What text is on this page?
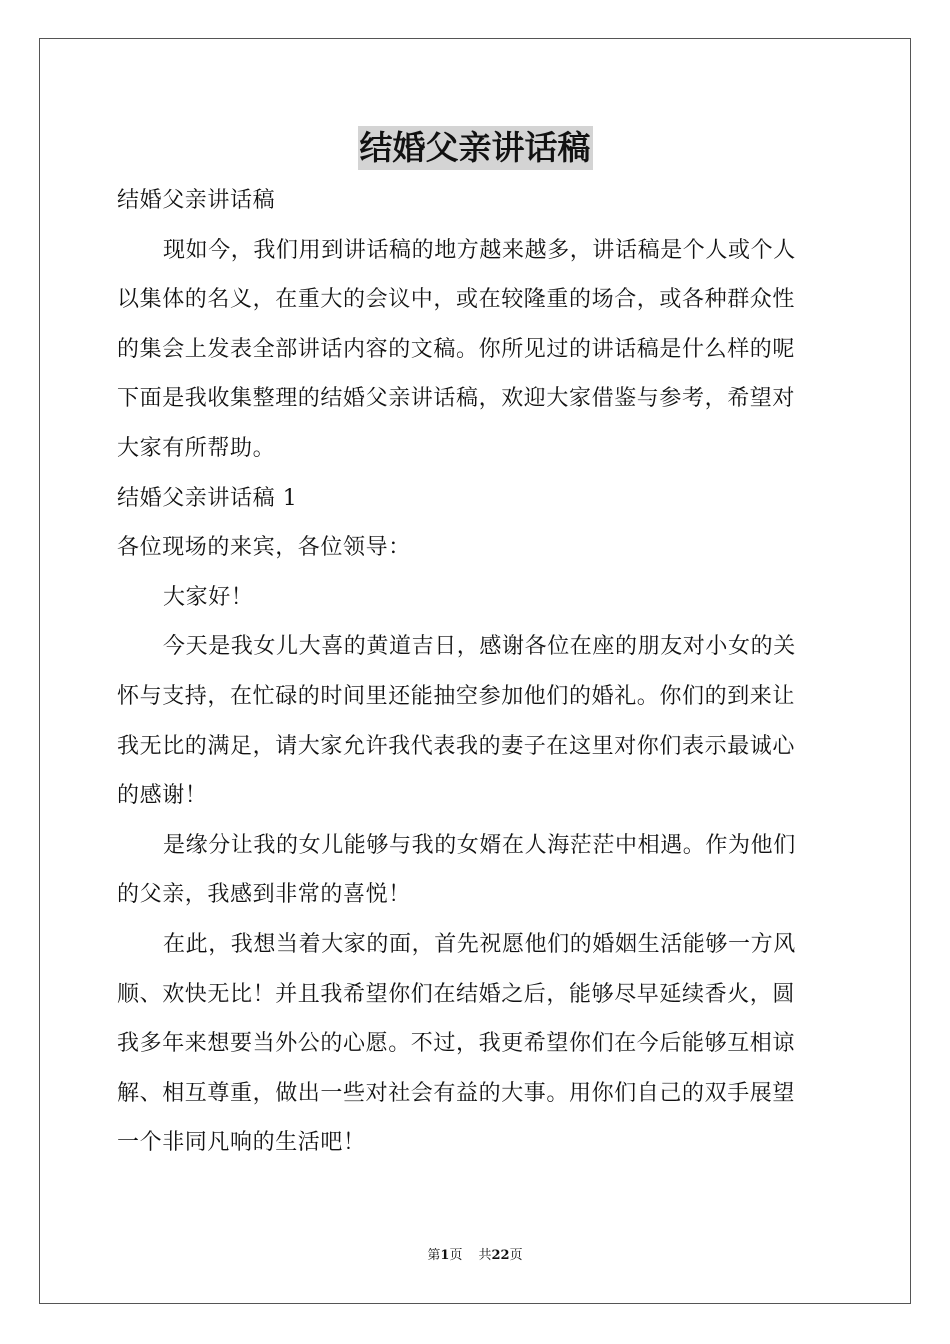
结婚父亲讲话稿
结婚父亲讲话稿
现如今，我们用到讲话稿的地方越来越多，讲话稿是个人或个人
以集体的名义，在重大的会议中，或在较隆重的场合，或各种群众性
的集会上发表全部讲话内容的文稿。你所见过的讲话稿是什么样的呢
下面是我收集整理的结婚父亲讲话稿，欢迎大家借鉴与参考，希望对
大家有所帮助。
结婚父亲讲话稿 1
各位现场的来宾，各位领导：
大家好！
今天是我女儿大喜的黄道吉日，感谢各位在座的朋友对小女的关
怀与支持，在忙碌的时间里还能抽空参加他们的婚礼。你们的到来让
我无比的满足，请大家允许我代表我的妻子在这里对你们表示最诚心
的感谢！
是缘分让我的女儿能够与我的女婿在人海茫茫中相遇。作为他们
的父亲，我感到非常的喜悦！
在此，我想当着大家的面，首先祝愿他们的婚姻生活能够一方风
顺、欢快无比！并且我希望你们在结婚之后，能够尽早延续香火，圆
我多年来想要当外公的心愿。不过，我更希望你们在今后能够互相谅
解、相互尊重，做出一些对社会有益的大事。用你们自己的双手展望
一个非同凡响的生活吧！
第1页 共22页
